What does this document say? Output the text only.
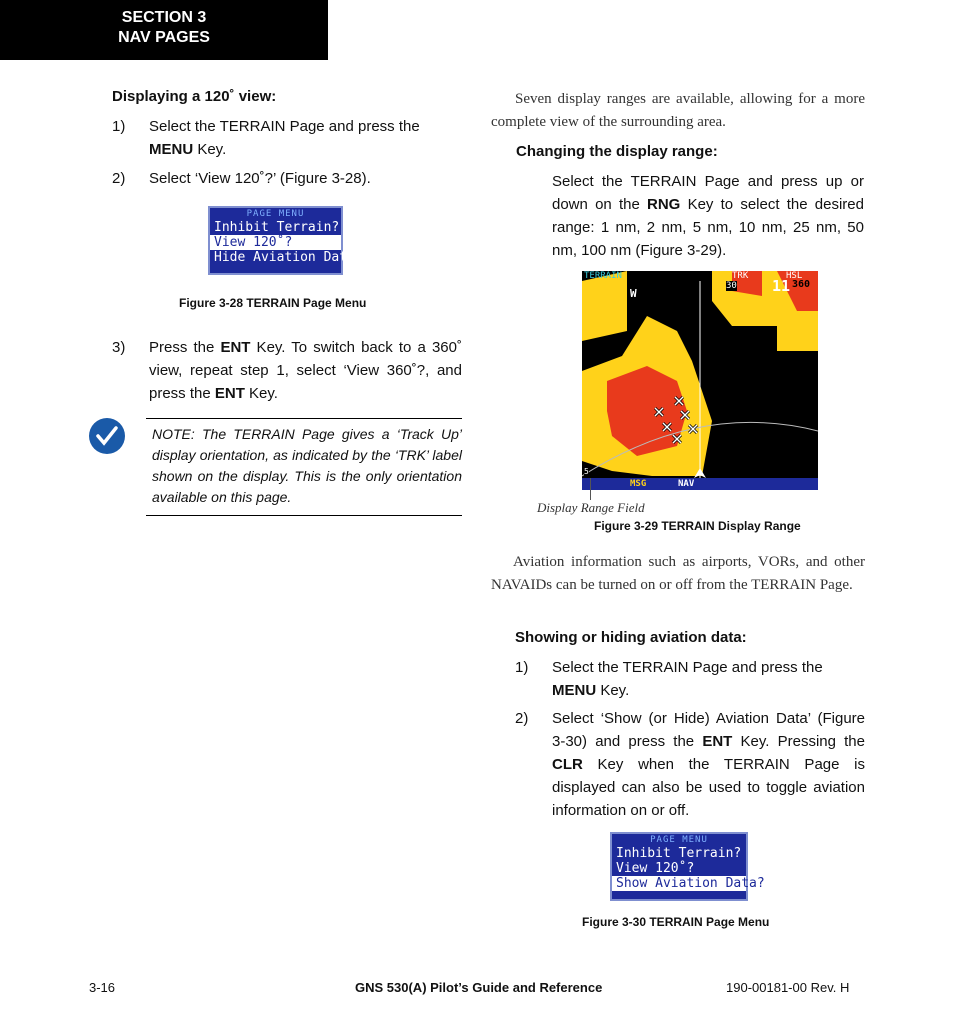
SECTION 3
NAV PAGES
Displaying a 120˚ view:
1) Select the TERRAIN Page and press the MENU Key.
2) Select ‘View 120˚?’ (Figure 3-28).
PAGE MENU
Inhibit Terrain?
View 120˚?
Hide Aviation Data?
Figure 3-28 TERRAIN Page Menu
3) Press the ENT Key. To switch back to a 360˚ view, repeat step 1, select ‘View 360˚?, and press the ENT Key.
NOTE: The TERRAIN Page gives a ‘Track Up’ display orientation, as indicated by the ‘TRK’ label shown on the display. This is the only orientation available on this page.
Seven display ranges are available, allowing for a more complete view of the surrounding area.
Changing the display range:
Select the TERRAIN Page and press up or down on the RNG Key to select the desired range: 1 nm, 2 nm, 5 nm, 10 nm, 25 nm, 50 nm, 100 nm (Figure 3-29).
TERRAIN	TRK
30
HSL
11 360
W
5
MSG	NAV
Display Range Field
Figure 3-29 TERRAIN Display Range
Aviation information such as airports, VORs, and other NAVAIDs can be turned on or off from the TERRAIN Page.
Showing or hiding aviation data:
1) Select the TERRAIN Page and press the MENU Key.
2) Select ‘Show (or Hide) Aviation Data’ (Figure 3-30) and press the ENT Key. Pressing the CLR Key when the TERRAIN Page is displayed can also be used to toggle aviation information on or off.
PAGE MENU
Inhibit Terrain?
View 120˚?
Show Aviation Data?
Figure 3-30 TERRAIN Page Menu
3-16	GNS 530(A) Pilot’s Guide and Reference	190-00181-00 Rev. H
